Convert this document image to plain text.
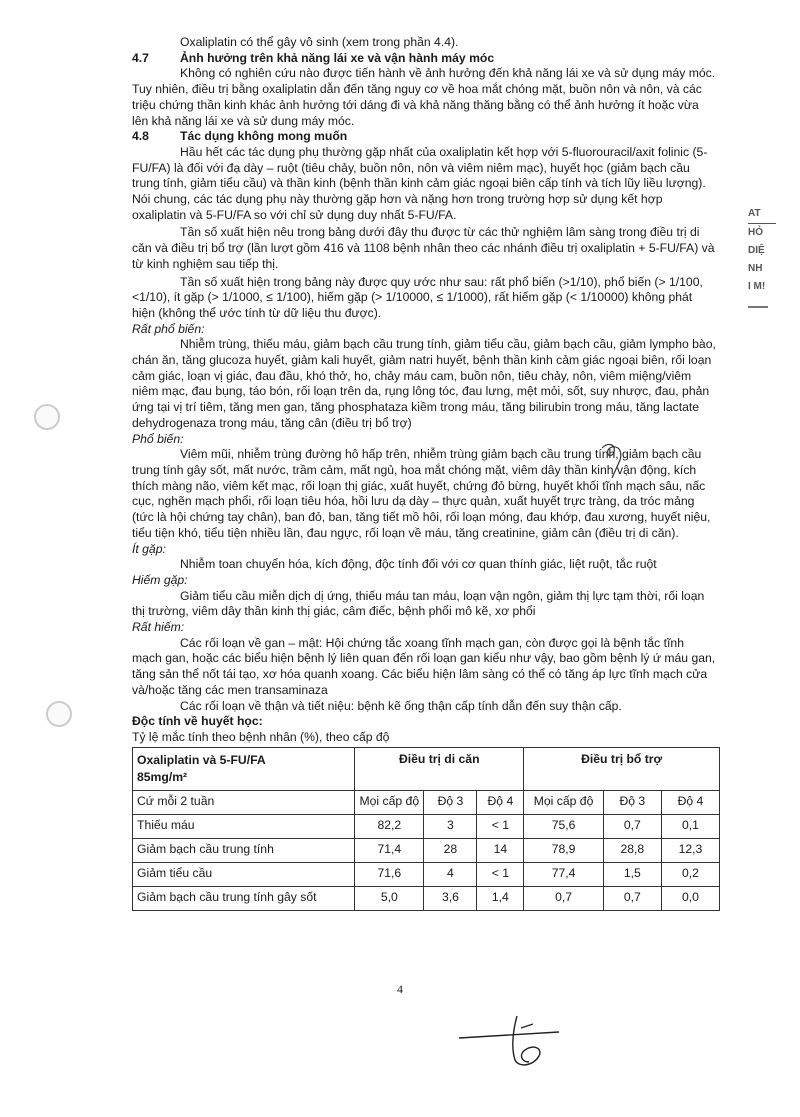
Oxaliplatin có thể gây vô sinh (xem trong phần 4.4).

4.7	Ảnh hưởng trên khả năng lái xe và vận hành máy móc

Không có nghiên cứu nào được tiến hành về ảnh hưởng đến khả năng lái xe và sử dụng máy móc. Tuy nhiên, điều trị bằng oxaliplatin dẫn đến tăng nguy cơ về hoa mắt chóng mặt, buồn nôn và nôn, và các triệu chứng thần kinh khác ảnh hưởng tới dáng đi và khả năng thăng bằng có thể ảnh hưởng ít hoặc vừa lên khả năng lái xe và sử dung máy móc.

4.8	Tác dụng không mong muốn

Hầu hết các tác dụng phụ thường gặp nhất của oxaliplatin kết hợp với 5-fluorouracil/axit folinic (5-FU/FA) là đối với đạ dày – ruột (tiêu chảy, buồn nôn, nôn và viêm niêm mạc), huyết học (giảm bạch cầu trung tính, giảm tiểu cầu) và thần kinh (bệnh thần kinh cảm giác ngoại biên cấp tính và tích lũy liều lượng). Nói chung, các tác dụng phụ này thường gặp hơn và nặng hơn trong trường hợp sử dụng kết hợp oxaliplatin và 5-FU/FA so với chỉ sử dụng duy nhất 5-FU/FA.

Tần số xuất hiện nêu trong bảng dưới đây thu được từ các thử nghiệm lâm sàng trong điều trị di căn và điều trị bổ trợ (lần lượt gồm 416 và 1108 bệnh nhân theo các nhánh điều trị oxaliplatin + 5-FU/FA) và từ kinh nghiệm sau tiếp thị.

Tần số xuất hiện trong bảng này được quy ước như sau: rất phổ biến (>1/10), phổ biến (> 1/100, <1/10), ít gặp (> 1/1000, ≤ 1/100), hiếm gặp (> 1/10000, ≤ 1/1000), rất hiếm gặp (< 1/10000) không phát hiện (không thể ước tính từ dữ liệu thu được).

Rất phổ biến:

Nhiễm trùng, thiếu máu, giảm bạch cầu trung tính, giảm tiểu cầu, giảm bạch cầu, giảm lympho bào, chán ăn, tăng glucoza huyết, giảm kali huyết, giảm natri huyết, bệnh thần kinh cảm giác ngoại biên, rối loạn cảm giác, loạn vị giác, đau đầu, khó thở, ho, chảy máu cam, buồn nôn, tiêu chảy, nôn, viêm miệng/viêm niêm mạc, đau bụng, táo bón, rối loạn trên da, rụng lông tóc, đau lưng, mệt mỏi, sốt, suy nhược, đau, phản ứng tại vị trí tiêm, tăng men gan, tăng phosphataza kiềm trong máu, tăng bilirubin trong máu, tăng lactate dehydrogenaza trong máu, tăng cân (điều trị bổ trợ)

Phổ biến:

Viêm mũi, nhiễm trùng đường hô hấp trên, nhiễm trùng giảm bạch cầu trung tính, giảm bạch cầu trung tính gây sốt, mất nước, trầm cảm, mất ngủ, hoa mắt chóng mặt, viêm dây thần kinh vận động, kích thích màng não, viêm kết mạc, rối loạn thị giác, xuất huyết, chứng đỏ bừng, huyết khối tĩnh mạch sâu, nấc cục, nghẽn mạch phổi, rối loạn tiêu hóa, hồi lưu dạ dày – thực quản, xuất huyết trực tràng, da tróc mảng (tức là hội chứng tay chân), ban đỏ, ban, tăng tiết mồ hôi, rối loạn móng, đau khớp, đau xương, huyết niệu, tiểu tiện khó, tiểu tiện nhiều lần, đau ngực, rối loạn về máu, tăng creatinine, giảm cân (điều trị di căn).

Ít gặp:

Nhiễm toan chuyển hóa, kích động, độc tính đối với cơ quan thính giác, liệt ruột, tắc ruột

Hiếm gặp:

Giảm tiểu cầu miễn dịch dị ứng, thiếu máu tan máu, loạn vận ngôn, giảm thị lực tạm thời, rối loạn thị trường, viêm dây thần kinh thị giác, câm điếc, bệnh phổi mô kẽ, xơ phổi

Rất hiếm:

Các rối loạn về gan – mật: Hội chứng tắc xoang tĩnh mạch gan, còn được gọi là bệnh tắc tĩnh mạch gan, hoặc các biểu hiện bệnh lý liên quan đến rối loạn gan kiểu như vậy, bao gồm bệnh lý ứ máu gan, tăng sản thể nốt tái tạo, xơ hóa quanh xoang. Các biểu hiện lâm sàng có thể có tăng áp lực tĩnh mạch cửa và/hoặc tăng các men transaminaza

Các rối loạn về thận và tiết niệu: bệnh kẽ ống thận cấp tính dẫn đến suy thận cấp.

Độc tính về huyết học:

Tỷ lệ mắc tính theo bệnh nhân (%), theo cấp độ

Oxaliplatin và 5-FU/FA
85mg/m²	Điều trị di căn			Điều trị bổ trợ		
Cứ mỗi 2 tuần	Mọi cấp độ	Độ 3	Độ 4	Mọi cấp độ	Độ 3	Độ 4
Thiếu máu	82,2	3	< 1	75,6	0,7	0,1
Giảm bạch cầu trung tính	71,4	28	14	78,9	28,8	12,3
Giảm tiểu cầu	71,6	4	< 1	77,4	1,5	0,2
Giảm bạch cầu trung tính gây sốt	5,0	3,6	1,4	0,7	0,7	0,0
4
AT
HỎ
DIỆ
NH
I M!
